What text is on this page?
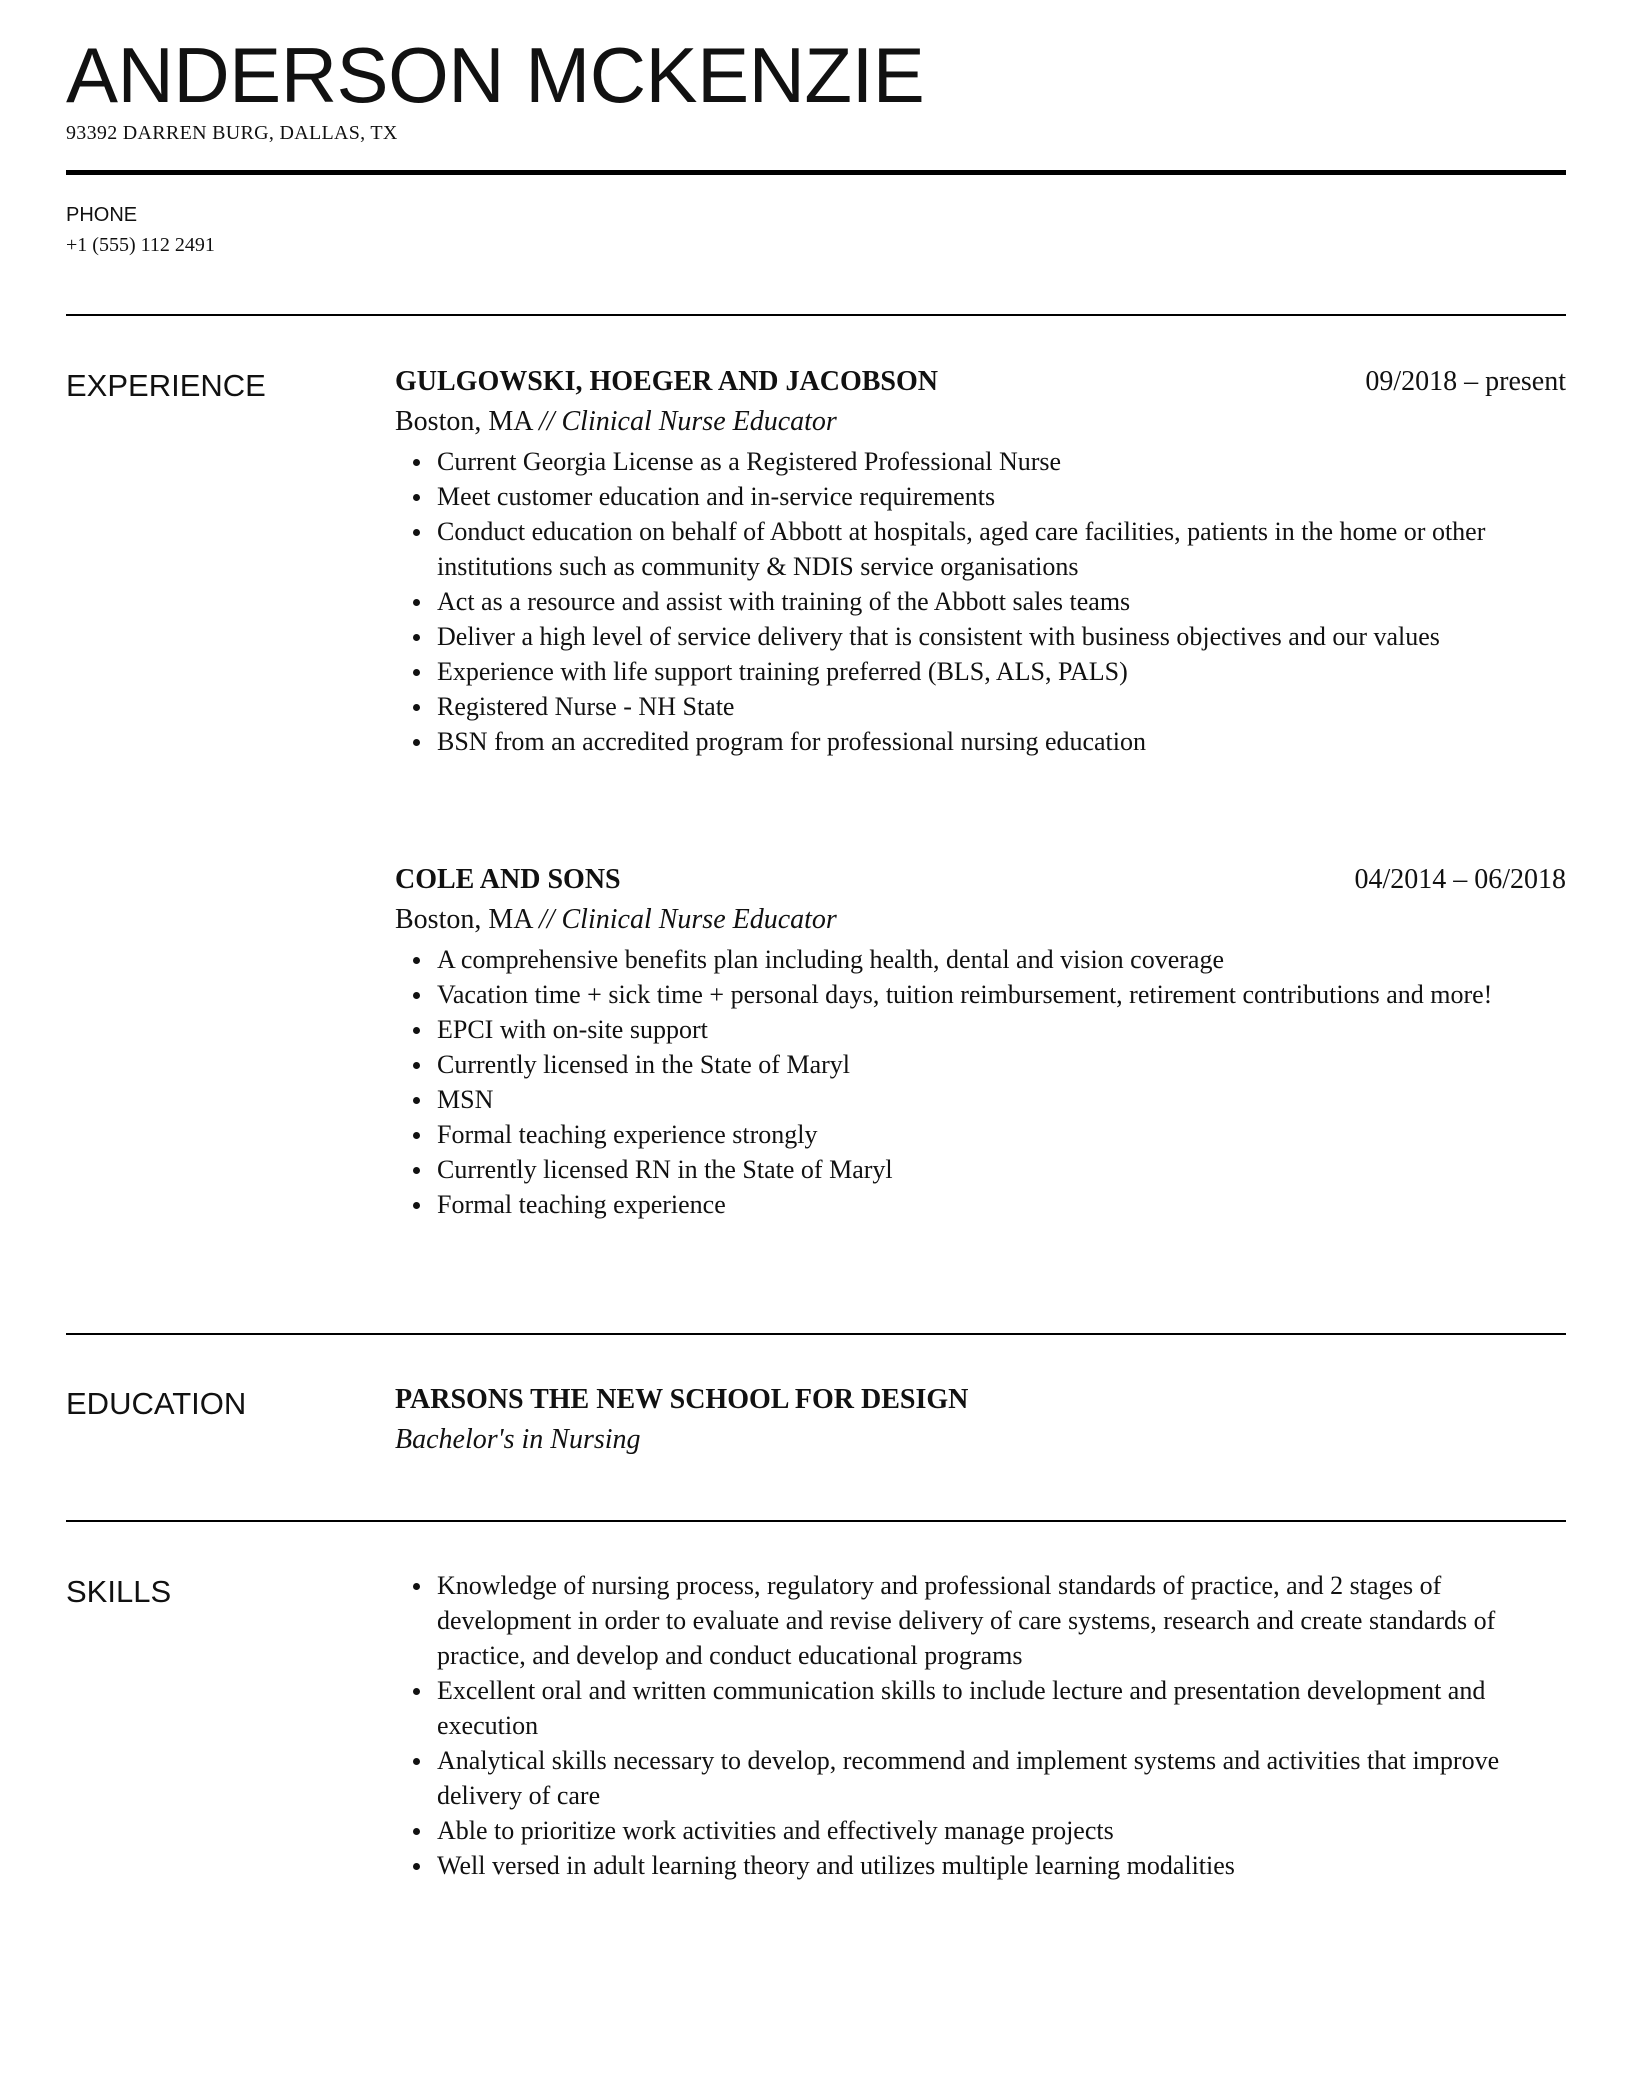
ANDERSON MCKENZIE
93392 DARREN BURG, DALLAS, TX
PHONE
+1 (555) 112 2491
EXPERIENCE	GULGOWSKI, HOEGER AND JACOBSON	09/2018 – present
Boston, MA // Clinical Nurse Educator
Current Georgia License as a Registered Professional Nurse
Meet customer education and in-service requirements
Conduct education on behalf of Abbott at hospitals, aged care facilities, patients in the home or other institutions such as community & NDIS service organisations
Act as a resource and assist with training of the Abbott sales teams
Deliver a high level of service delivery that is consistent with business objectives and our values
Experience with life support training preferred (BLS, ALS, PALS)
Registered Nurse - NH State
BSN from an accredited program for professional nursing education
COLE AND SONS	04/2014 – 06/2018
Boston, MA // Clinical Nurse Educator
A comprehensive benefits plan including health, dental and vision coverage
Vacation time + sick time + personal days, tuition reimbursement, retirement contributions and more!
EPCI with on-site support
Currently licensed in the State of Maryl
MSN
Formal teaching experience strongly
Currently licensed RN in the State of Maryl
Formal teaching experience
EDUCATION	PARSONS THE NEW SCHOOL FOR DESIGN
Bachelor's in Nursing
SKILLS	Knowledge of nursing process, regulatory and professional standards of practice, and 2 stages of development in order to evaluate and revise delivery of care systems, research and create standards of practice, and develop and conduct educational programs
Excellent oral and written communication skills to include lecture and presentation development and execution
Analytical skills necessary to develop, recommend and implement systems and activities that improve delivery of care
Able to prioritize work activities and effectively manage projects
Well versed in adult learning theory and utilizes multiple learning modalities
